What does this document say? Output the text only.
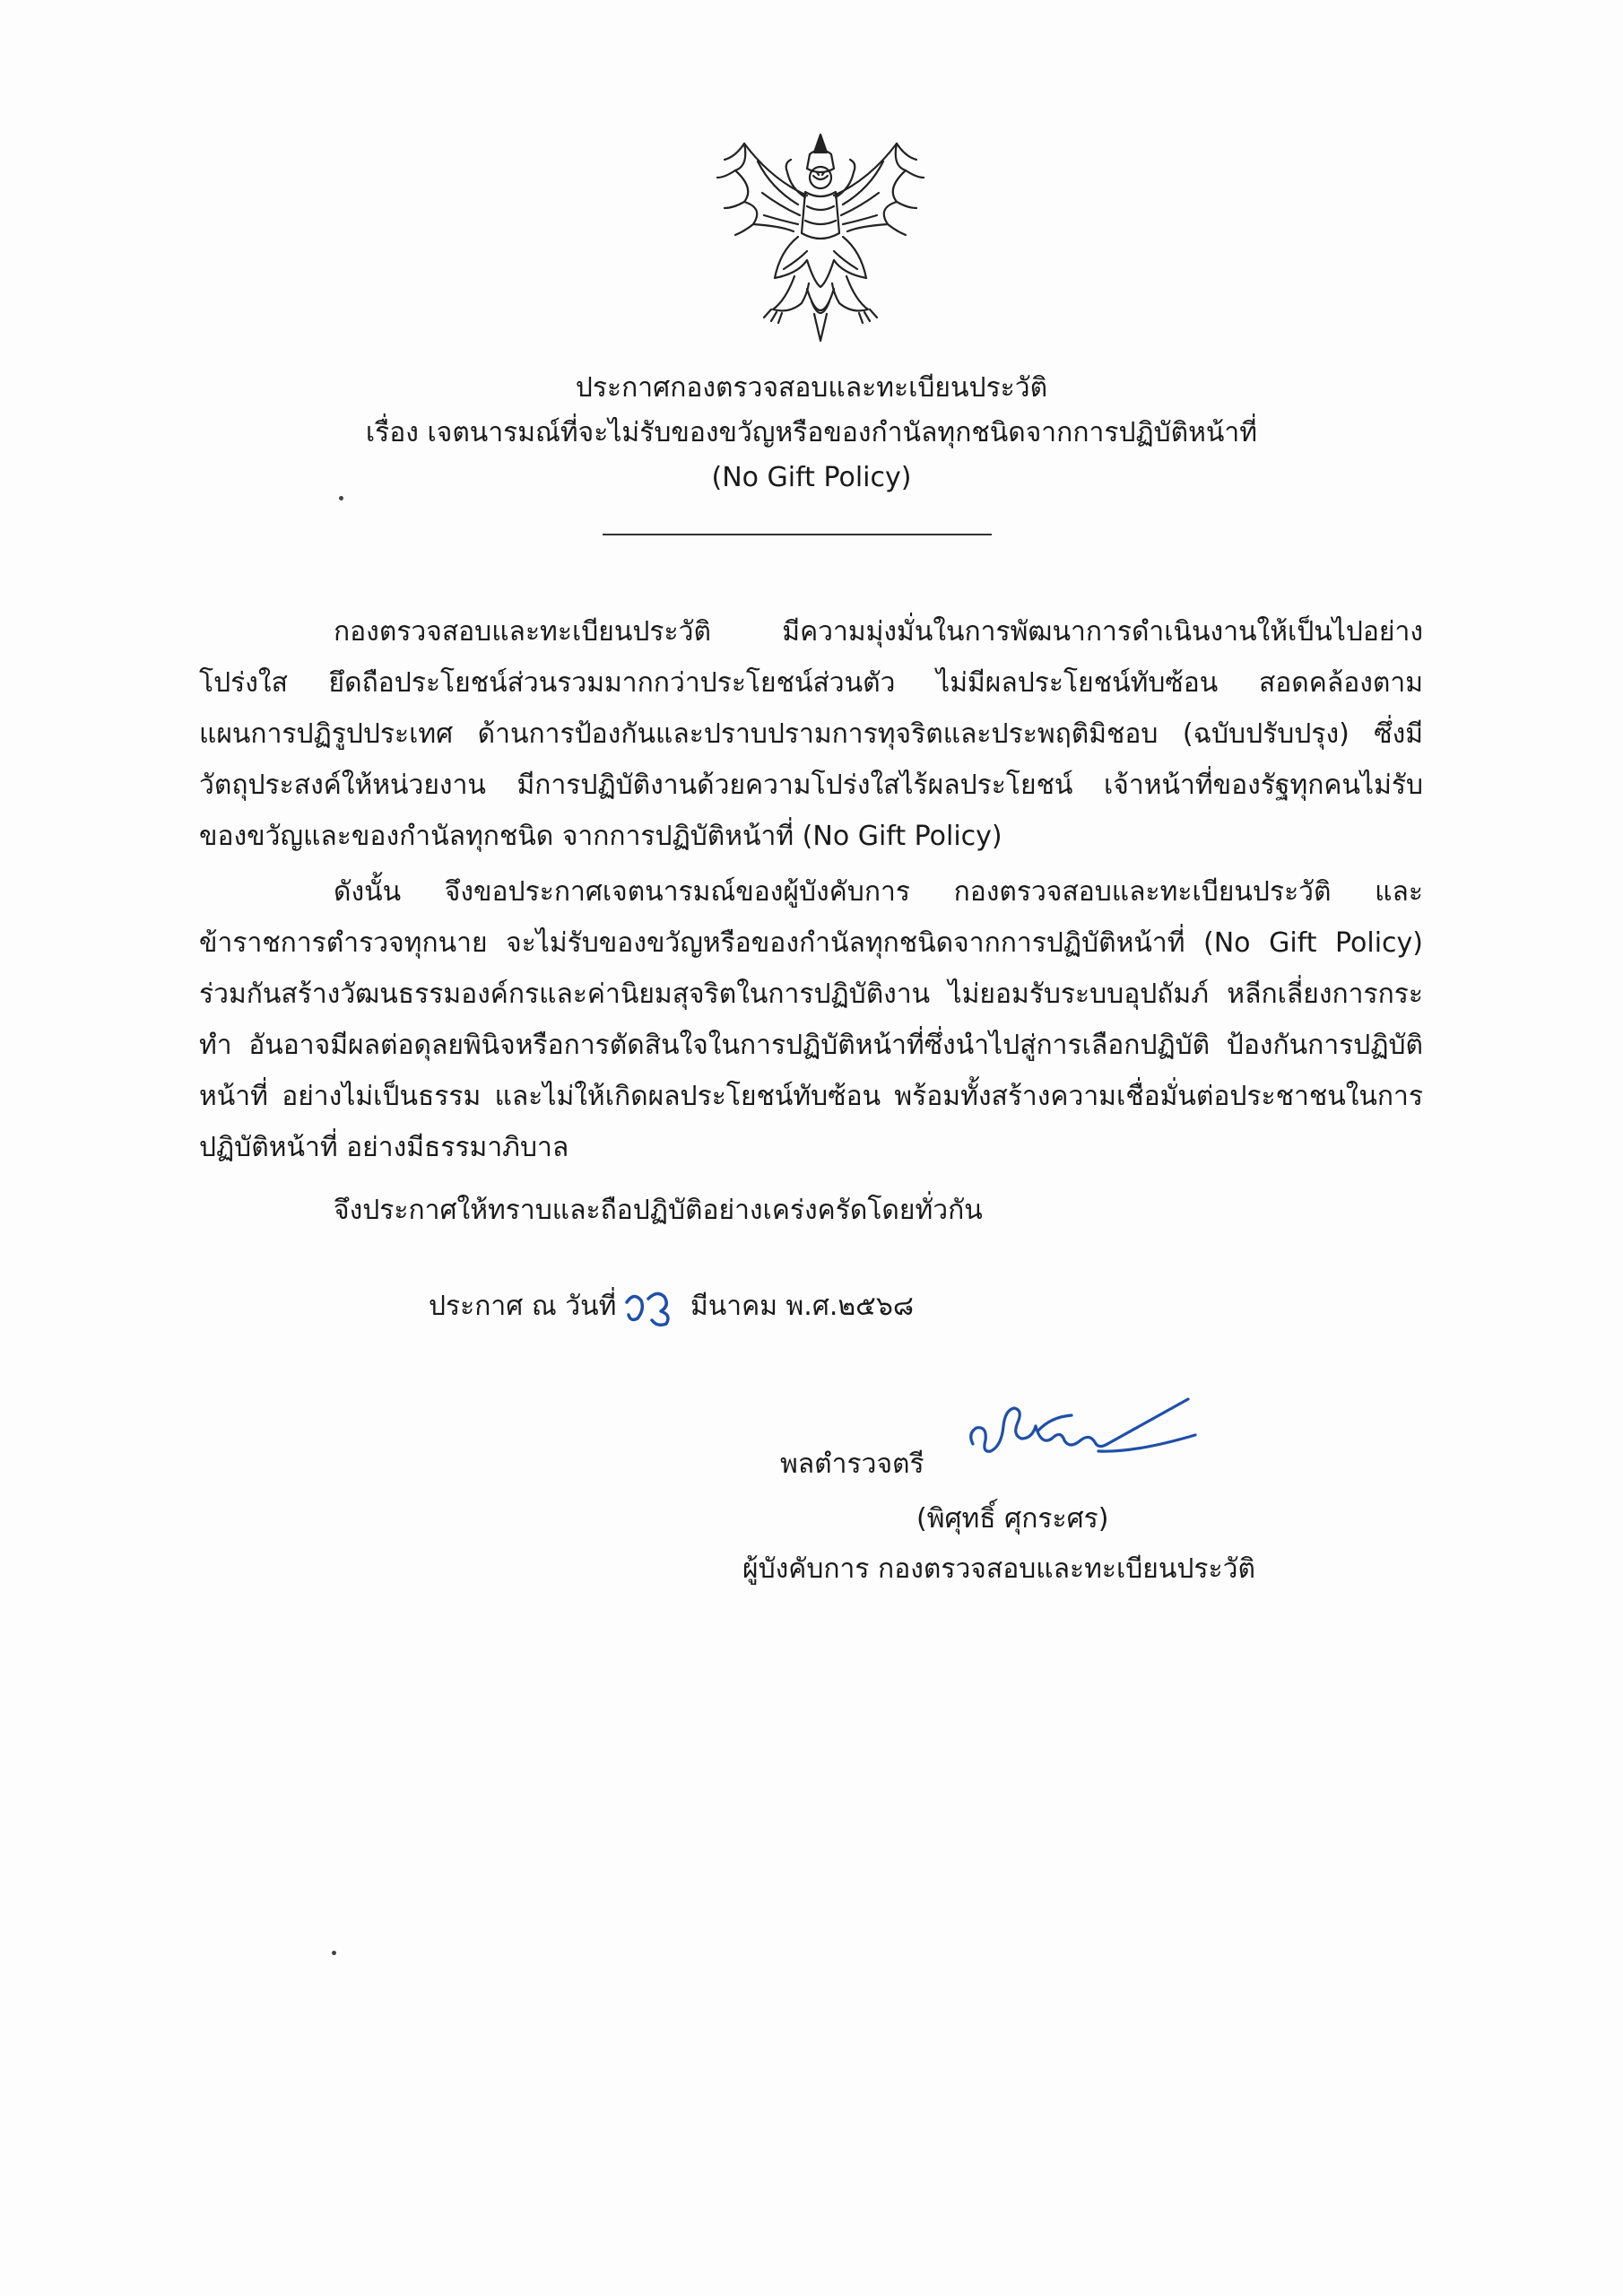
ประกาศกองตรวจสอบและทะเบียนประวัติ
เรื่อง เจตนารมณ์ที่จะไม่รับของขวัญหรือของกำนัลทุกชนิดจากการปฏิบัติหน้าที่
(No Gift Policy)

กองตรวจสอบและทะเบียนประวัติ มีความมุ่งมั่นในการพัฒนาการดำเนินงานให้เป็นไปอย่างโปร่งใส ยึดถือประโยชน์ส่วนรวมมากกว่าประโยชน์ส่วนตัว ไม่มีผลประโยชน์ทับซ้อน สอดคล้องตามแผนการปฏิรูปประเทศ ด้านการป้องกันและปราบปรามการทุจริตและประพฤติมิชอบ (ฉบับปรับปรุง) ซึ่งมีวัตถุประสงค์ให้หน่วยงาน มีการปฏิบัติงานด้วยความโปร่งใสไร้ผลประโยชน์ เจ้าหน้าที่ของรัฐทุกคนไม่รับของขวัญและของกำนัลทุกชนิด จากการปฏิบัติหน้าที่ (No Gift Policy)

ดังนั้น จึงขอประกาศเจตนารมณ์ของผู้บังคับการ กองตรวจสอบและทะเบียนประวัติ และข้าราชการตำรวจทุกนาย จะไม่รับของขวัญหรือของกำนัลทุกชนิดจากการปฏิบัติหน้าที่ (No Gift Policy) ร่วมกันสร้างวัฒนธรรมองค์กรและค่านิยมสุจริตในการปฏิบัติงาน ไม่ยอมรับระบบอุปถัมภ์ หลีกเลี่ยงการกระทำ อันอาจมีผลต่อดุลยพินิจหรือการตัดสินใจในการปฏิบัติหน้าที่ซึ่งนำไปสู่การเลือกปฏิบัติ ป้องกันการปฏิบัติหน้าที่ อย่างไม่เป็นธรรม และไม่ให้เกิดผลประโยชน์ทับซ้อน พร้อมทั้งสร้างความเชื่อมั่นต่อประชาชนในการปฏิบัติหน้าที่ อย่างมีธรรมาภิบาล

จึงประกาศให้ทราบและถือปฏิบัติอย่างเคร่งครัดโดยทั่วกัน
ประกาศ ณ วันที่	มีนาคม พ.ศ.๒๕๖๘
พลตำรวจตรี
(พิศุทธิ์ ศุกระศร)
ผู้บังคับการ กองตรวจสอบและทะเบียนประวัติ
